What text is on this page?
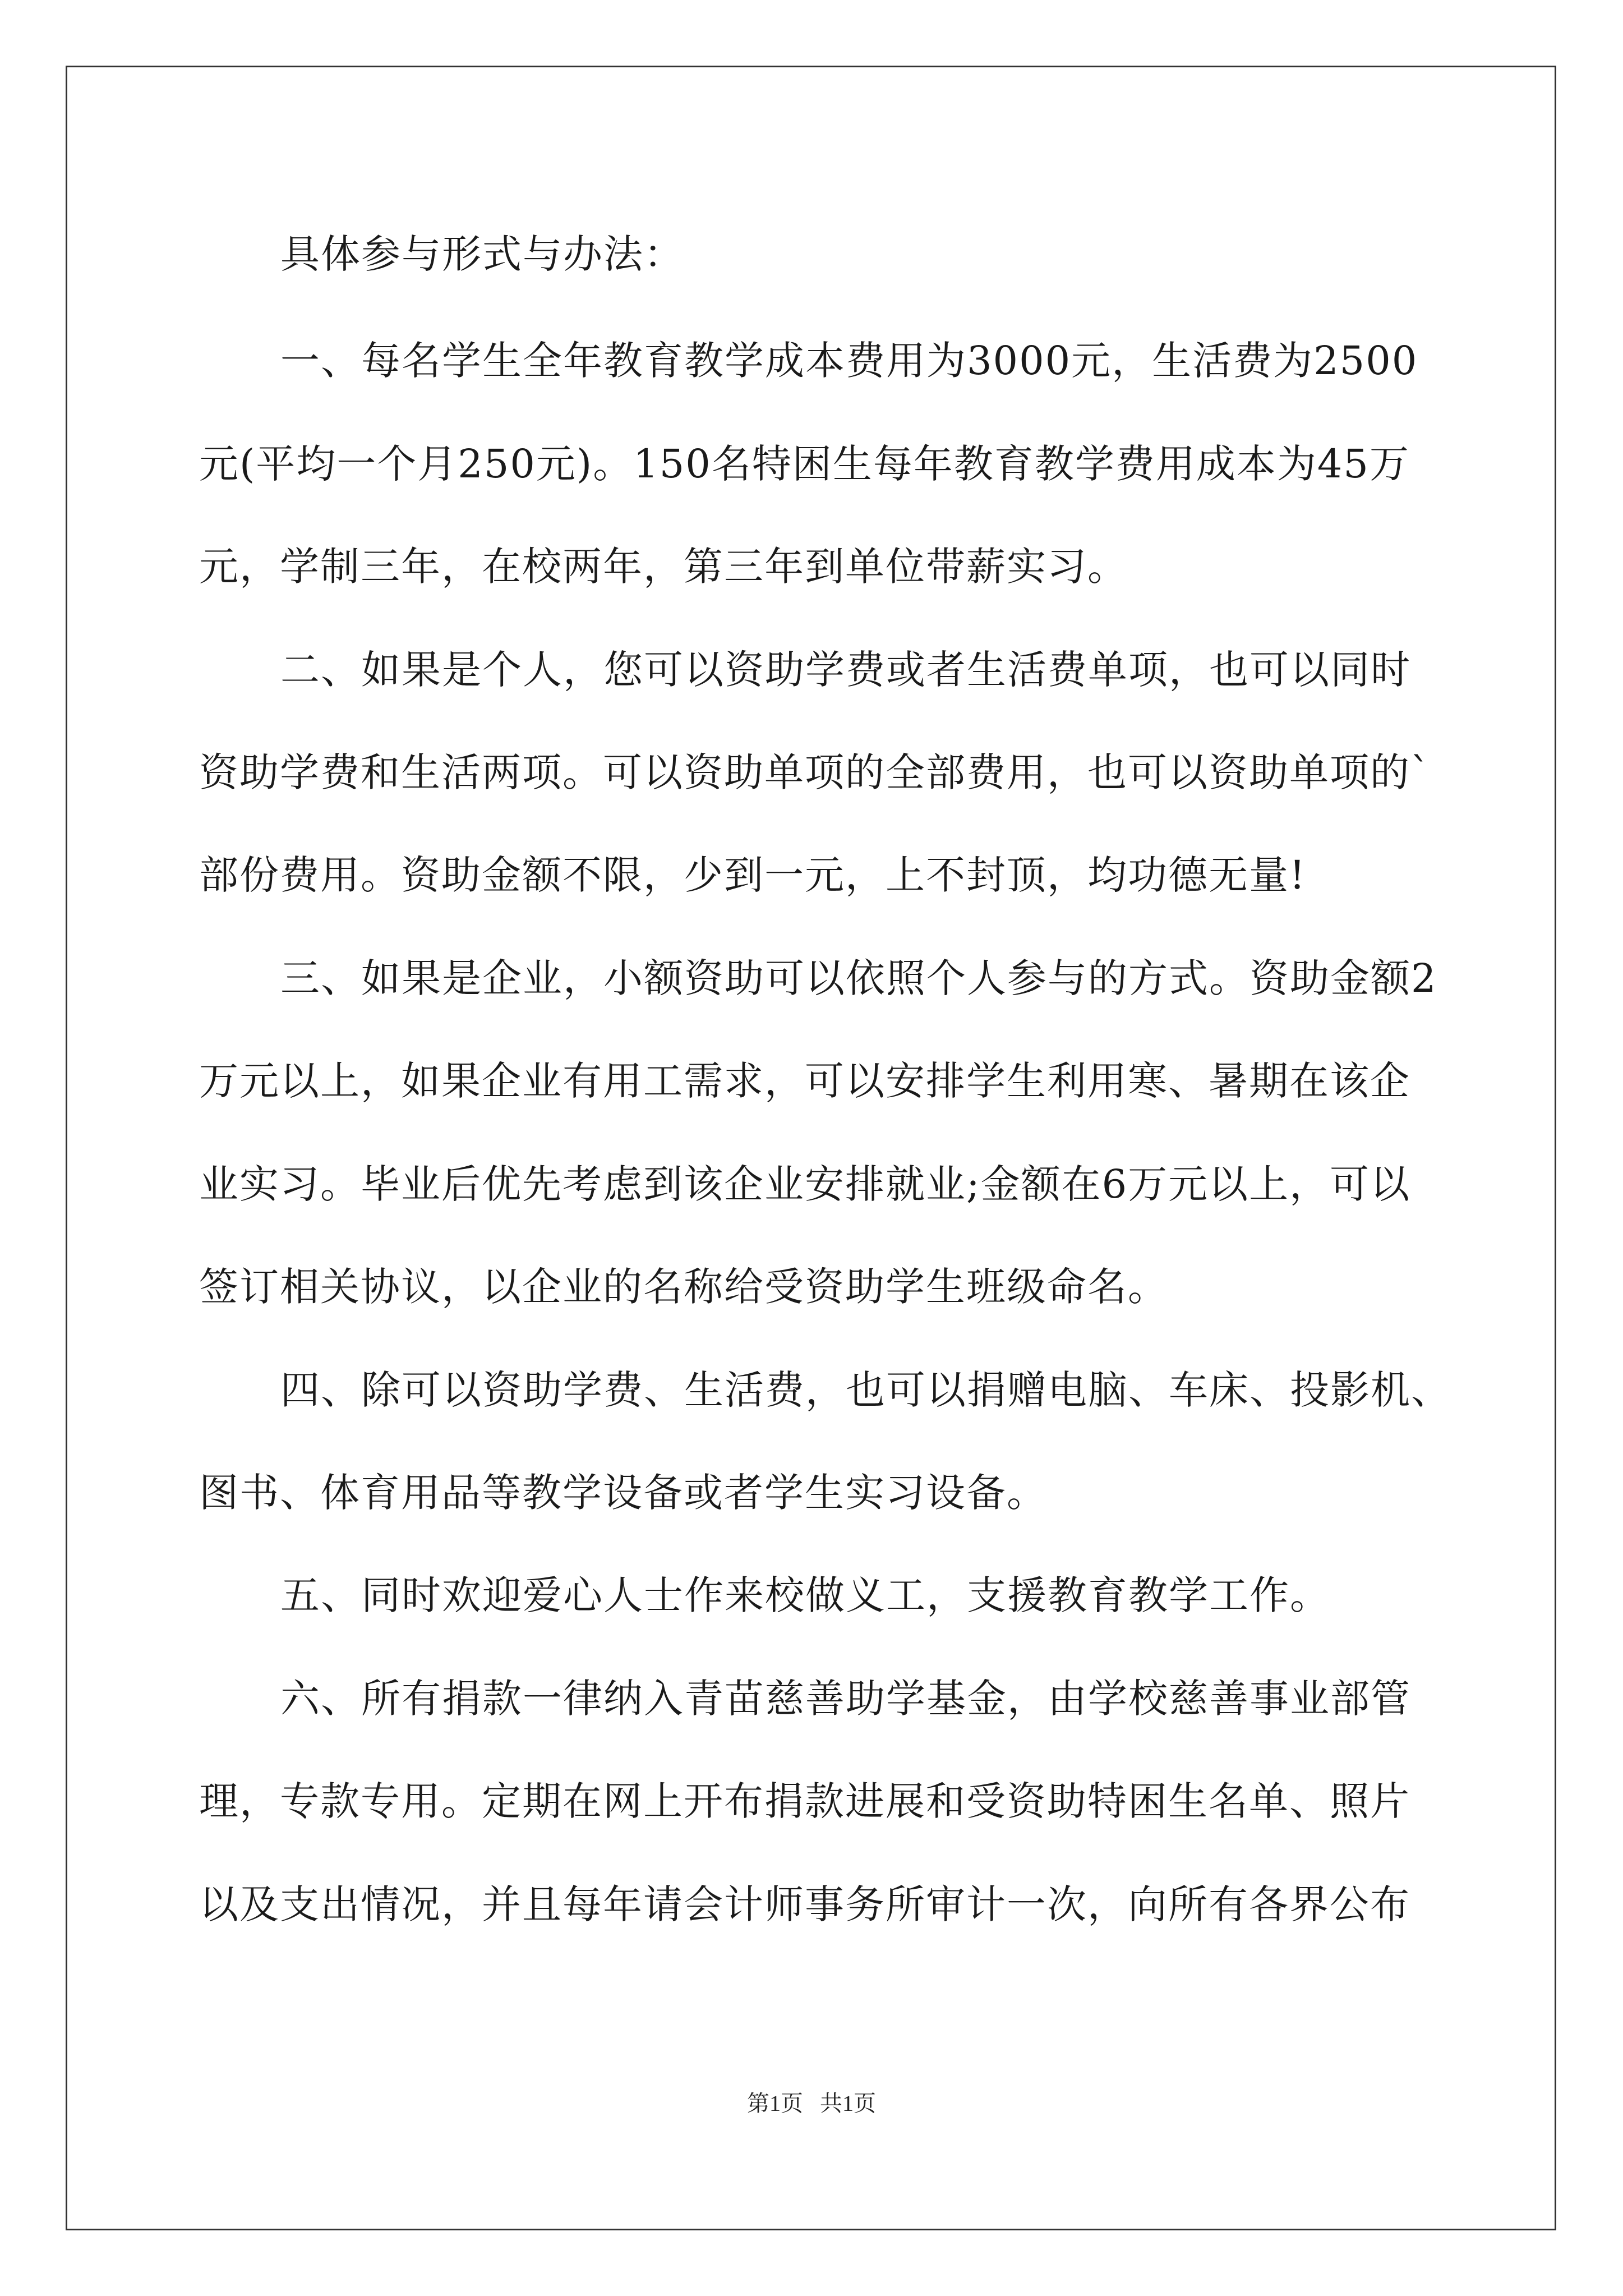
具体参与形式与办法：
一、每名学生全年教育教学成本费用为3000元，生活费为2500
元(平均一个月250元)。150名特困生每年教育教学费用成本为45万
元，学制三年，在校两年，第三年到单位带薪实习。
二、如果是个人，您可以资助学费或者生活费单项，也可以同时
资助学费和生活两项。可以资助单项的全部费用，也可以资助单项的`
部份费用。资助金额不限，少到一元，上不封顶，均功德无量!
三、如果是企业，小额资助可以依照个人参与的方式。资助金额2
万元以上，如果企业有用工需求，可以安排学生利用寒、暑期在该企
业实习。毕业后优先考虑到该企业安排就业;金额在6万元以上，可以
签订相关协议，以企业的名称给受资助学生班级命名。
四、除可以资助学费、生活费，也可以捐赠电脑、车床、投影机、
图书、体育用品等教学设备或者学生实习设备。
五、同时欢迎爱心人士作来校做义工，支援教育教学工作。
六、所有捐款一律纳入青苗慈善助学基金，由学校慈善事业部管
理，专款专用。定期在网上开布捐款进展和受资助特困生名单、照片
以及支出情况，并且每年请会计师事务所审计一次，向所有各界公布
第1页   共1页
